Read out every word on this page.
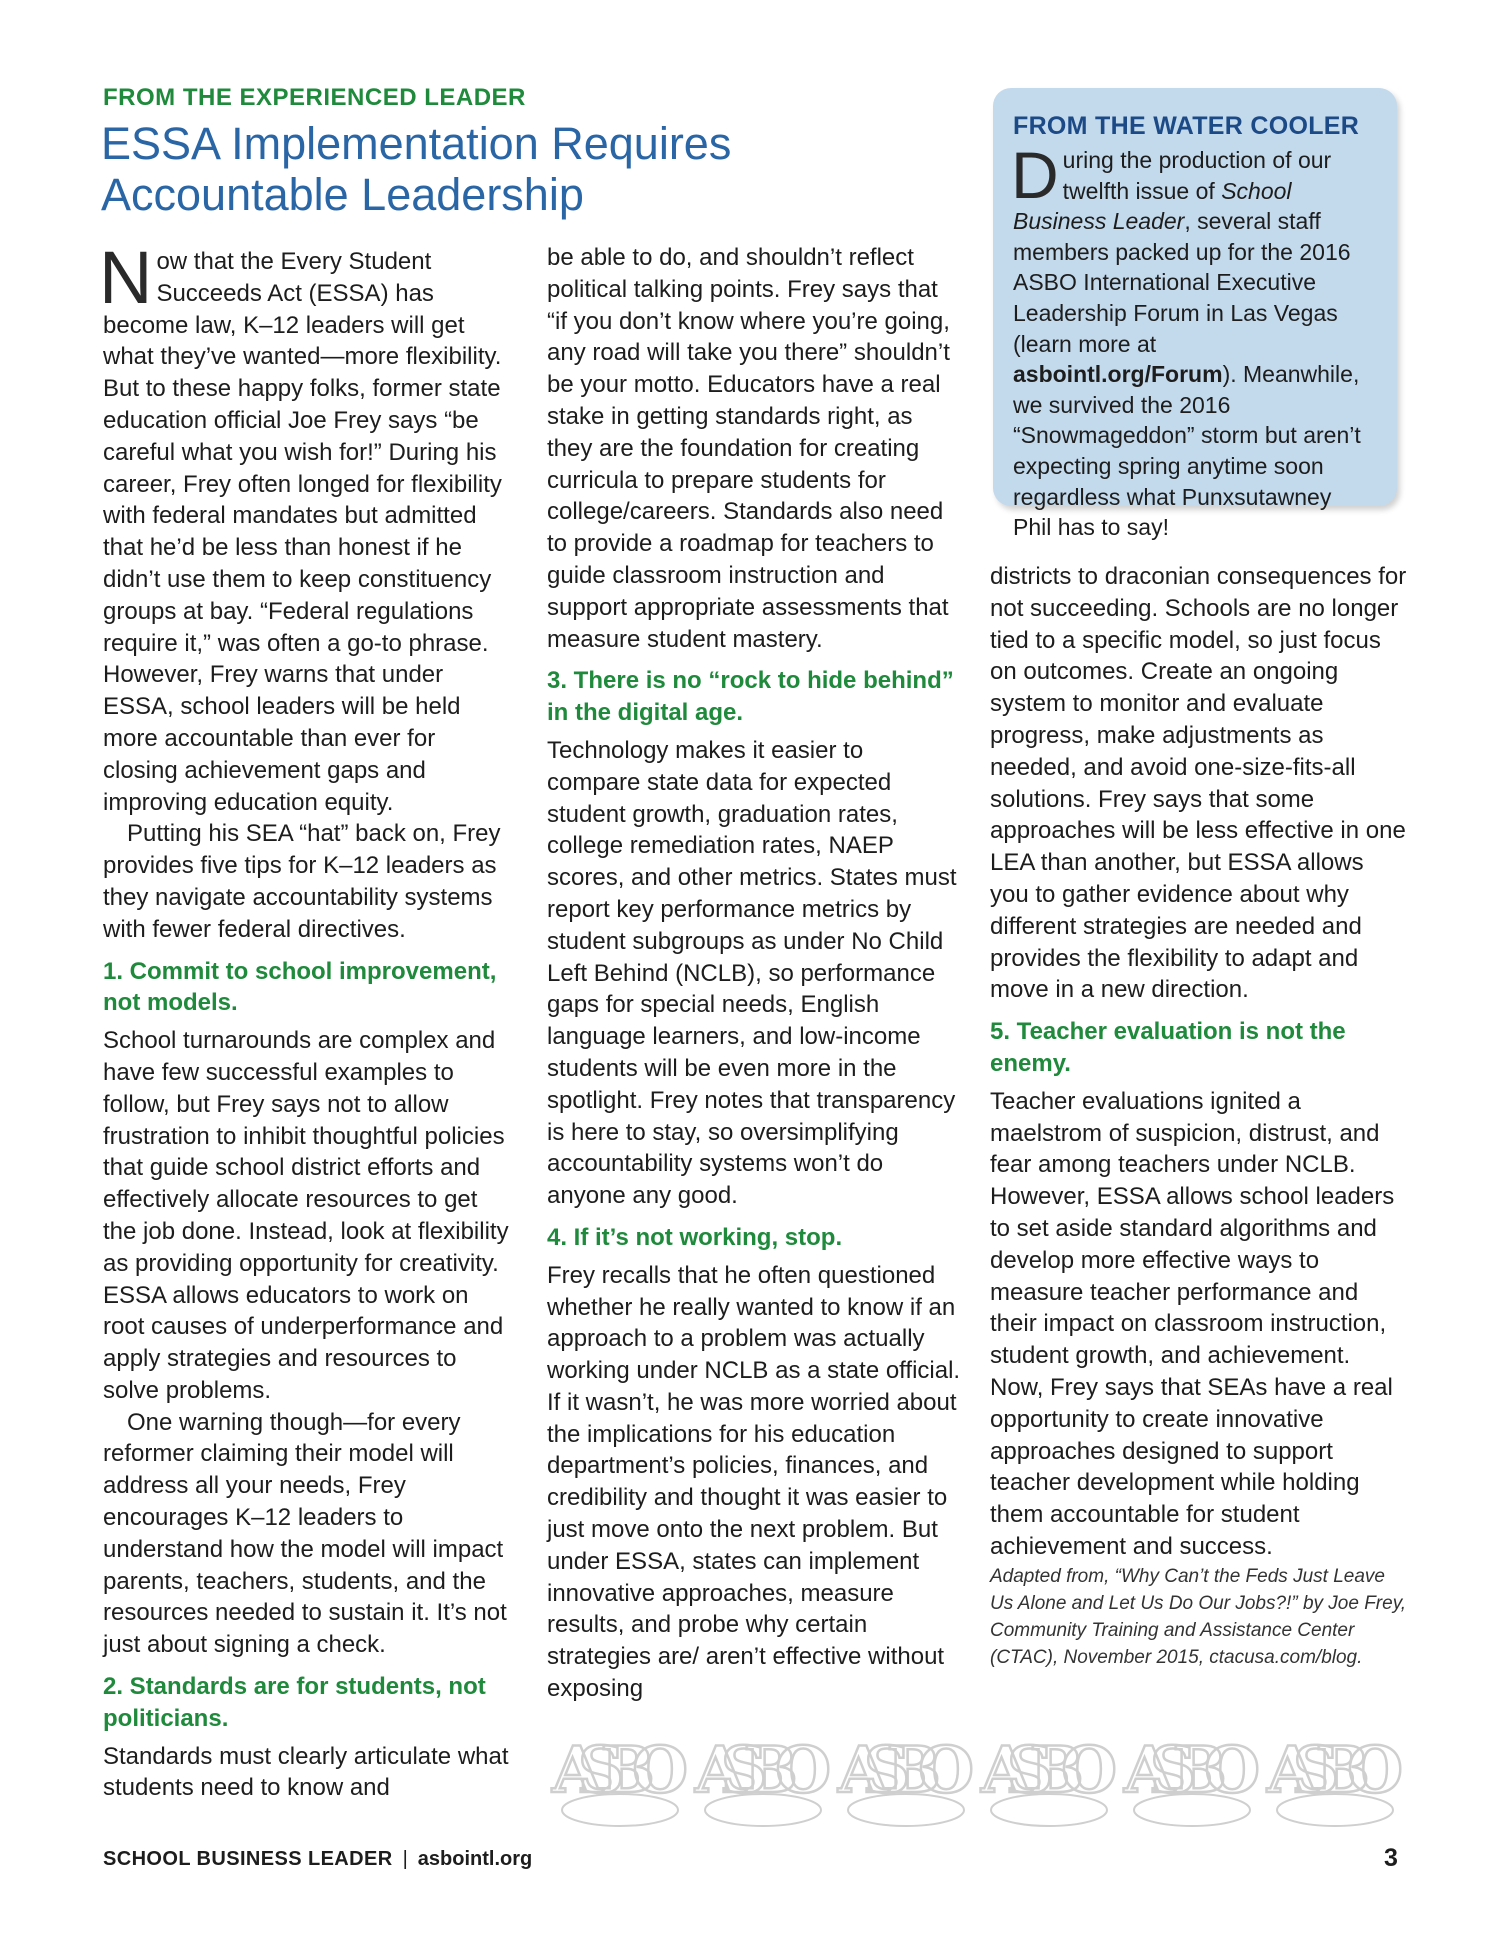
FROM THE EXPERIENCED LEADER

ESSA Implementation Requires
Accountable Leadership

Now that the Every Student Succeeds Act (ESSA) has become law, K–12 leaders will get what they’ve wanted—more flexibility. But to these happy folks, former state education official Joe Frey says “be careful what you wish for!” During his career, Frey often longed for flexibility with federal mandates but admitted that he’d be less than honest if he didn’t use them to keep constituency groups at bay. “Federal regulations require it,” was often a go-to phrase. However, Frey warns that under ESSA, school leaders will be held more accountable than ever for closing achievement gaps and improving education equity.

Putting his SEA “hat” back on, Frey provides five tips for K–12 leaders as they navigate accountability systems with fewer federal directives.

1. Commit to school improvement, not models.

School turnarounds are complex and have few successful examples to follow, but Frey says not to allow frustration to inhibit thoughtful policies that guide school district efforts and effectively allocate resources to get the job done. Instead, look at flexibility as providing opportunity for creativity. ESSA allows educators to work on root causes of underperformance and apply strategies and resources to solve problems.

One warning though—for every reformer claiming their model will address all your needs, Frey encourages K–12 leaders to understand how the model will impact parents, teachers, students, and the resources needed to sustain it. It’s not just about signing a check.

2. Standards are for students, not politicians.

Standards must clearly articulate what students need to know and

be able to do, and shouldn’t reflect political talking points. Frey says that “if you don’t know where you’re going, any road will take you there” shouldn’t be your motto. Educators have a real stake in getting standards right, as they are the foundation for creating curricula to prepare students for college/careers. Standards also need to provide a roadmap for teachers to guide classroom instruction and support appropriate assessments that measure student mastery.

3. There is no “rock to hide behind” in the digital age.

Technology makes it easier to compare state data for expected student growth, graduation rates, college remediation rates, NAEP scores, and other metrics. States must report key performance metrics by student subgroups as under No Child Left Behind (NCLB), so performance gaps for special needs, English language learners, and low-income students will be even more in the spotlight. Frey notes that transparency is here to stay, so oversimplifying accountability systems won’t do anyone any good.

4. If it’s not working, stop.

Frey recalls that he often questioned whether he really wanted to know if an approach to a problem was actually working under NCLB as a state official. If it wasn’t, he was more worried about the implications for his education department’s policies, finances, and credibility and thought it was easier to just move onto the next problem. But under ESSA, states can implement innovative approaches, measure results, and probe why certain strategies are/ aren’t effective without exposing

FROM THE WATER COOLER

During the production of our twelfth issue of School Business Leader, several staff members packed up for the 2016 ASBO International Executive Leadership Forum in Las Vegas (learn more at asbointl.org/Forum). Meanwhile, we survived the 2016 “Snowmageddon” storm but aren’t expecting spring anytime soon regardless what Punxsutawney Phil has to say!

districts to draconian consequences for not succeeding. Schools are no longer tied to a specific model, so just focus on outcomes. Create an ongoing system to monitor and evaluate progress, make adjustments as needed, and avoid one-size-fits-all solutions. Frey says that some approaches will be less effective in one LEA than another, but ESSA allows you to gather evidence about why different strategies are needed and provides the flexibility to adapt and move in a new direction.

5. Teacher evaluation is not the enemy.

Teacher evaluations ignited a maelstrom of suspicion, distrust, and fear among teachers under NCLB. However, ESSA allows school leaders to set aside standard algorithms and develop more effective ways to measure teacher performance and their impact on classroom instruction, student growth, and achievement. Now, Frey says that SEAs have a real opportunity to create innovative approaches designed to support teacher development while holding them accountable for student achievement and success.

Adapted from, “Why Can’t the Feds Just Leave Us Alone and Let Us Do Our Jobs?!” by Joe Frey, Community Training and Assistance Center (CTAC), November 2015, ctacusa.com/blog.

ASBO ASBO ASBO ASBO ASBO ASBO

SCHOOL BUSINESS LEADER | asbointl.org	3
